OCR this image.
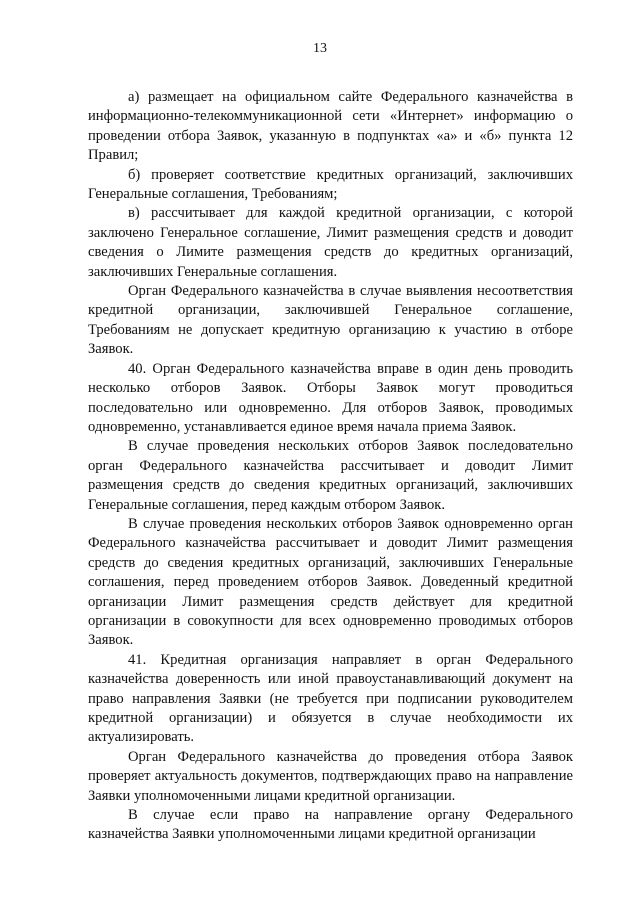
13

а) размещает на официальном сайте Федерального казначейства в информационно-телекоммуникационной сети «Интернет» информацию о проведении отбора Заявок, указанную в подпунктах «а» и «б» пункта 12 Правил;

б) проверяет соответствие кредитных организаций, заключивших Генеральные соглашения, Требованиям;

в) рассчитывает для каждой кредитной организации, с которой заключено Генеральное соглашение, Лимит размещения средств и доводит сведения о Лимите размещения средств до кредитных организаций, заключивших Генеральные соглашения.

Орган Федерального казначейства в случае выявления несоответствия кредитной организации, заключившей Генеральное соглашение, Требованиям не допускает кредитную организацию к участию в отборе Заявок.

40. Орган Федерального казначейства вправе в один день проводить несколько отборов Заявок. Отборы Заявок могут проводиться последовательно или одновременно. Для отборов Заявок, проводимых одновременно, устанавливается единое время начала приема Заявок.

В случае проведения нескольких отборов Заявок последовательно орган Федерального казначейства рассчитывает и доводит Лимит размещения средств до сведения кредитных организаций, заключивших Генеральные соглашения, перед каждым отбором Заявок.

В случае проведения нескольких отборов Заявок одновременно орган Федерального казначейства рассчитывает и доводит Лимит размещения средств до сведения кредитных организаций, заключивших Генеральные соглашения, перед проведением отборов Заявок. Доведенный кредитной организации Лимит размещения средств действует для кредитной организации в совокупности для всех одновременно проводимых отборов Заявок.

41. Кредитная организация направляет в орган Федерального казначейства доверенность или иной правоустанавливающий документ на право направления Заявки (не требуется при подписании руководителем кредитной организации) и обязуется в случае необходимости их актуализировать.

Орган Федерального казначейства до проведения отбора Заявок проверяет актуальность документов, подтверждающих право на направление Заявки уполномоченными лицами кредитной организации.

В случае если право на направление органу Федерального казначейства Заявки уполномоченными лицами кредитной организации
